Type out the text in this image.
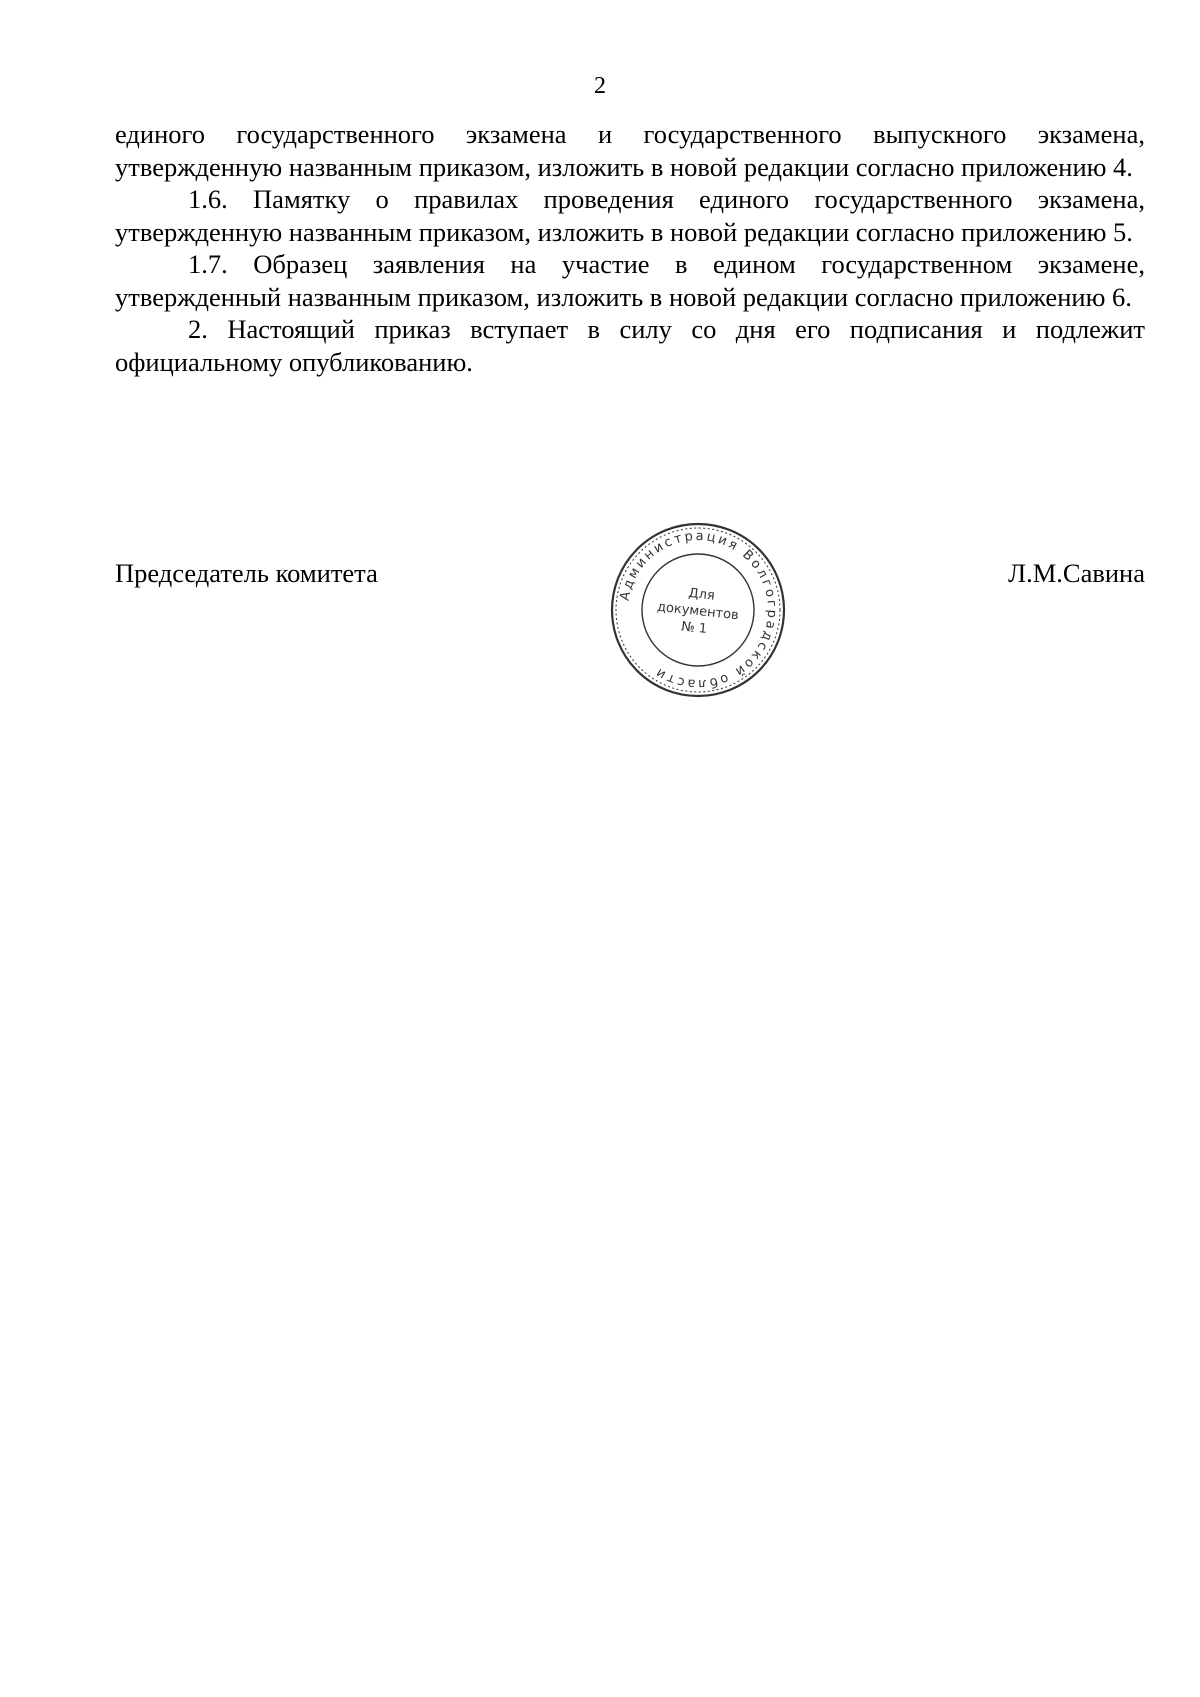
2

единого государственного экзамена и государственного выпускного экзамена, утвержденную названным приказом, изложить в новой редакции согласно приложению 4.

1.6. Памятку о правилах проведения единого государственного экзамена, утвержденную названным приказом, изложить в новой редакции согласно приложению 5.

1.7. Образец заявления на участие в едином государственном экзамене, утвержденный названным приказом, изложить в новой редакции согласно приложению 6.

2. Настоящий приказ вступает в силу со дня его подписания и подлежит официальному опубликованию.

Председатель комитета	Л.М.Савина
Администрация Волгоградской области
Для
документов
№ 1
